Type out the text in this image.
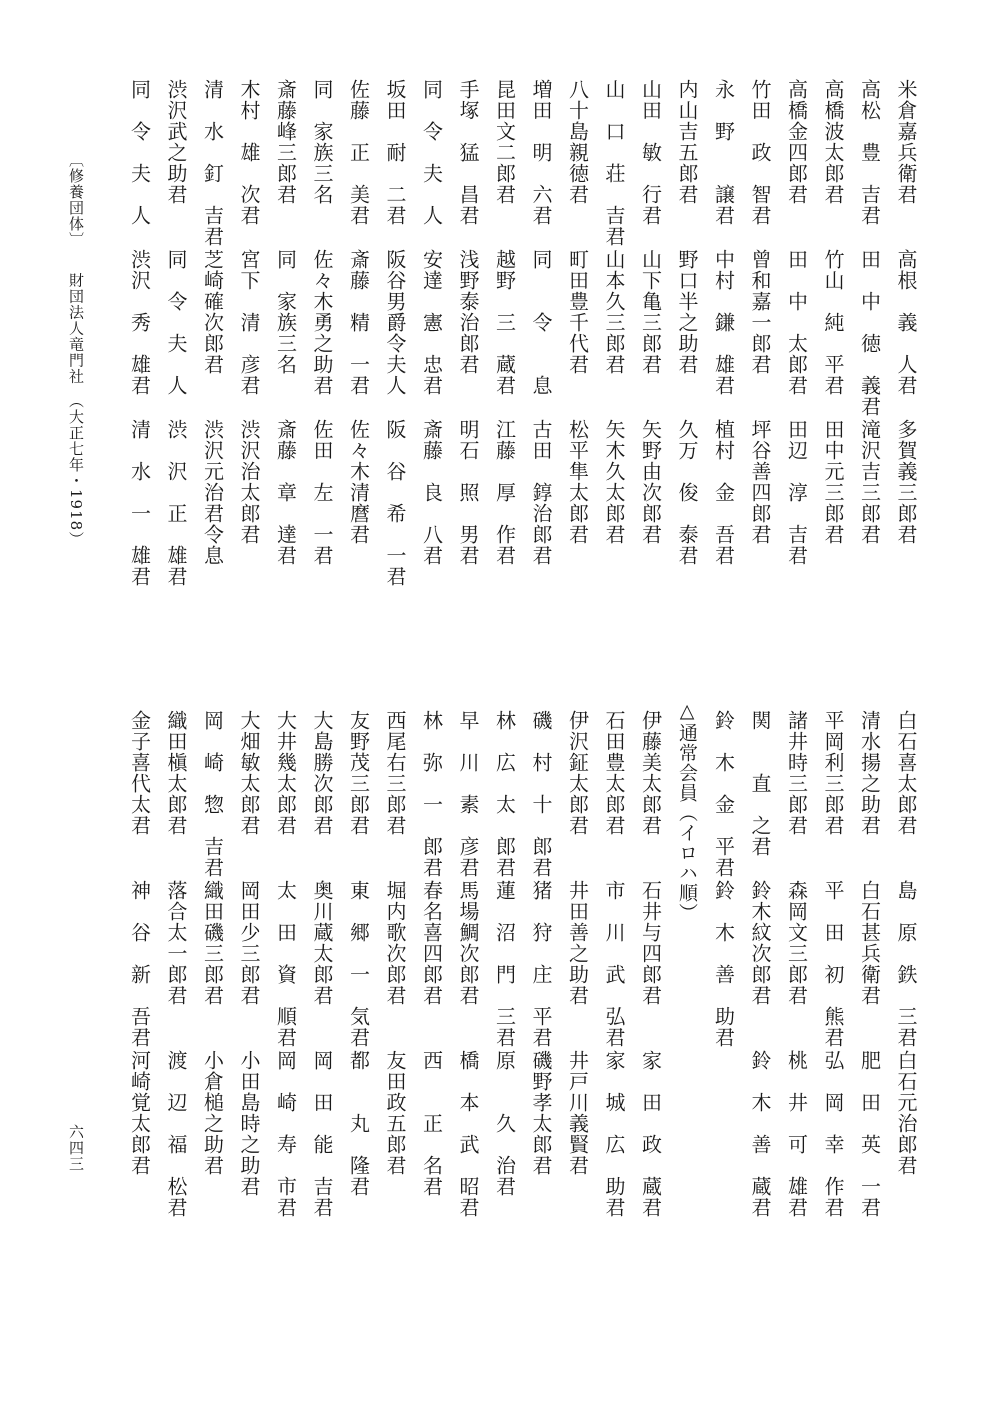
米倉嘉兵衛君
高根　義　人君
多賀義三郎君
高松　豊　吉君
田　中　徳　義君
滝沢吉三郎君
高橋波太郎君
竹山　純　平君
田中元三郎君
高橋金四郎君
田　中　太郎君
田辺　淳　吉君
竹田　政　智君
曾和嘉一郎君
坪谷善四郎君
永　野　　譲君
中村　鎌　雄君
植村　金　吾君
内山吉五郎君
野口半之助君
久万　俊　泰君
山田　敏　行君
山下亀三郎君
矢野由次郎君
山　口　荘　吉君
山本久三郎君
矢木久太郎君
八十島親徳君
町田豊千代君
松平隼太郎君
増田　明　六君
同　　令　　息
古田　錞治郎君
昆田文二郎君
越野　三　蔵君
江藤　厚　作君
手塚　猛　昌君
浅野泰治郎君
明石　照　男君
同　令　夫　人
安達　憲　忠君
斎藤　良　八君
坂田　耐　二君
阪谷男爵令夫人
阪　谷　希　一君
佐藤　正　美君
斎藤　精　一君
佐々木清麿君
同　家族三名
佐々木勇之助君
佐田　左　一君
斎藤峰三郎君
同　家族三名
斎藤　章　達君
木村　雄　次君
宮下　清　彦君
渋沢治太郎君
清　水　釘　吉君
芝崎確次郎君
渋沢元治君令息
渋沢武之助君
同　令　夫　人
渋　沢　正　雄君
同　令　夫　人
渋沢　秀　雄君
清　水　一　雄君
白石喜太郎君
島　原　鉄　三君
白石元治郎君
清水揚之助君
白石甚兵衛君
肥　田　英　一君
平岡利三郎君
平　田　初　熊君
弘　岡　幸　作君
諸井時三郎君
森岡文三郎君
桃　井　可　雄君
関　　直　之君
鈴木紋次郎君
鈴　木　善　蔵君
鈴　木　金　平君
鈴　木　善　助君
△通常会員（イロハ順）
伊藤美太郎君
石井与四郎君
家　田　政　蔵君
石田豊太郎君
市　川　武　弘君
家　城　広　助君
伊沢鉦太郎君
井田善之助君
井戸川義賢君
磯　村　十　郎君
猪　狩　庄　平君
磯野孝太郎君
林　広　太　郎君
蓮　沼　門　三君
原　　久　治君
早　川　素　彦君
馬場鯛次郎君
橋　本　武　昭君
林　弥　一　郎君
春名喜四郎君
西　　正　名君
西尾右三郎君
堀内歌次郎君
友田政五郎君
友野茂三郎君
東　郷　一　気君
都　　丸　隆君
大島勝次郎君
奥川蔵太郎君
岡　田　能　吉君
大井幾太郎君
太　田　資　順君
岡　崎　寿　市君
大畑敏太郎君
岡田少三郎君
小田島時之助君
岡　崎　惣　吉君
織田磯三郎君
小倉槌之助君
織田槇太郎君
落合太一郎君
渡　辺　福　松君
金子喜代太君
神　谷　新　吾君
河崎覚太郎君
〔修養団体〕　　財団法人竜門社　（大正七年・1918）
六四三
